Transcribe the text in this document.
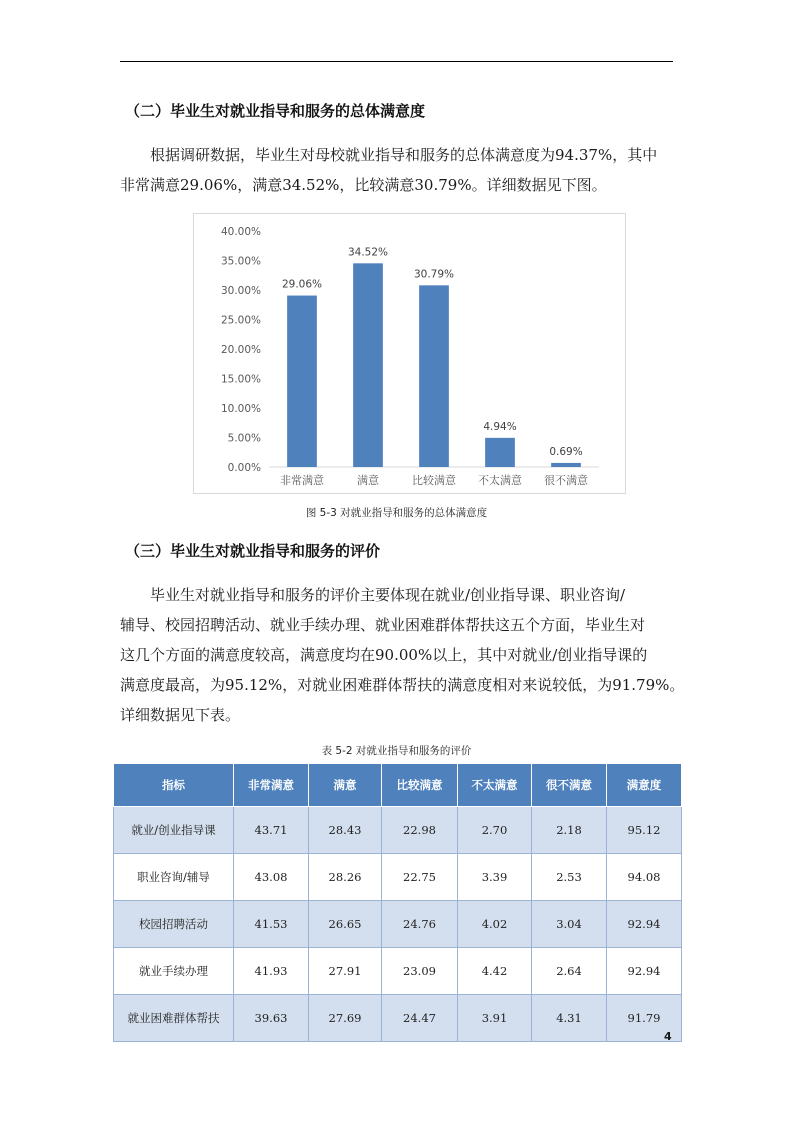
（二）毕业生对就业指导和服务的总体满意度
根据调研数据，毕业生对母校就业指导和服务的总体满意度为94.37%，其中
非常满意29.06%，满意34.52%，比较满意30.79%。详细数据见下图。
0.00%
5.00%
10.00%
15.00%
20.00%
25.00%
30.00%
35.00%
40.00%
29.06%
非常满意
34.52%
满意
30.79%
比较满意
4.94%
不太满意
0.69%
很不满意
图 5-3 对就业指导和服务的总体满意度
（三）毕业生对就业指导和服务的评价
毕业生对就业指导和服务的评价主要体现在就业/创业指导课、职业咨询/
辅导、校园招聘活动、就业手续办理、就业困难群体帮扶这五个方面，毕业生对
这几个方面的满意度较高，满意度均在90.00%以上，其中对就业/创业指导课的
满意度最高，为95.12%，对就业困难群体帮扶的满意度相对来说较低，为91.79%。
详细数据见下表。
表 5-2 对就业指导和服务的评价
指标	非常满意	满意	比较满意	不太满意	很不满意	满意度
就业/创业指导课	43.71	28.43	22.98	2.70	2.18	95.12
职业咨询/辅导	43.08	28.26	22.75	3.39	2.53	94.08
校园招聘活动	41.53	26.65	24.76	4.02	3.04	92.94
就业手续办理	41.93	27.91	23.09	4.42	2.64	92.94
就业困难群体帮扶	39.63	27.69	24.47	3.91	4.31	91.79
4
